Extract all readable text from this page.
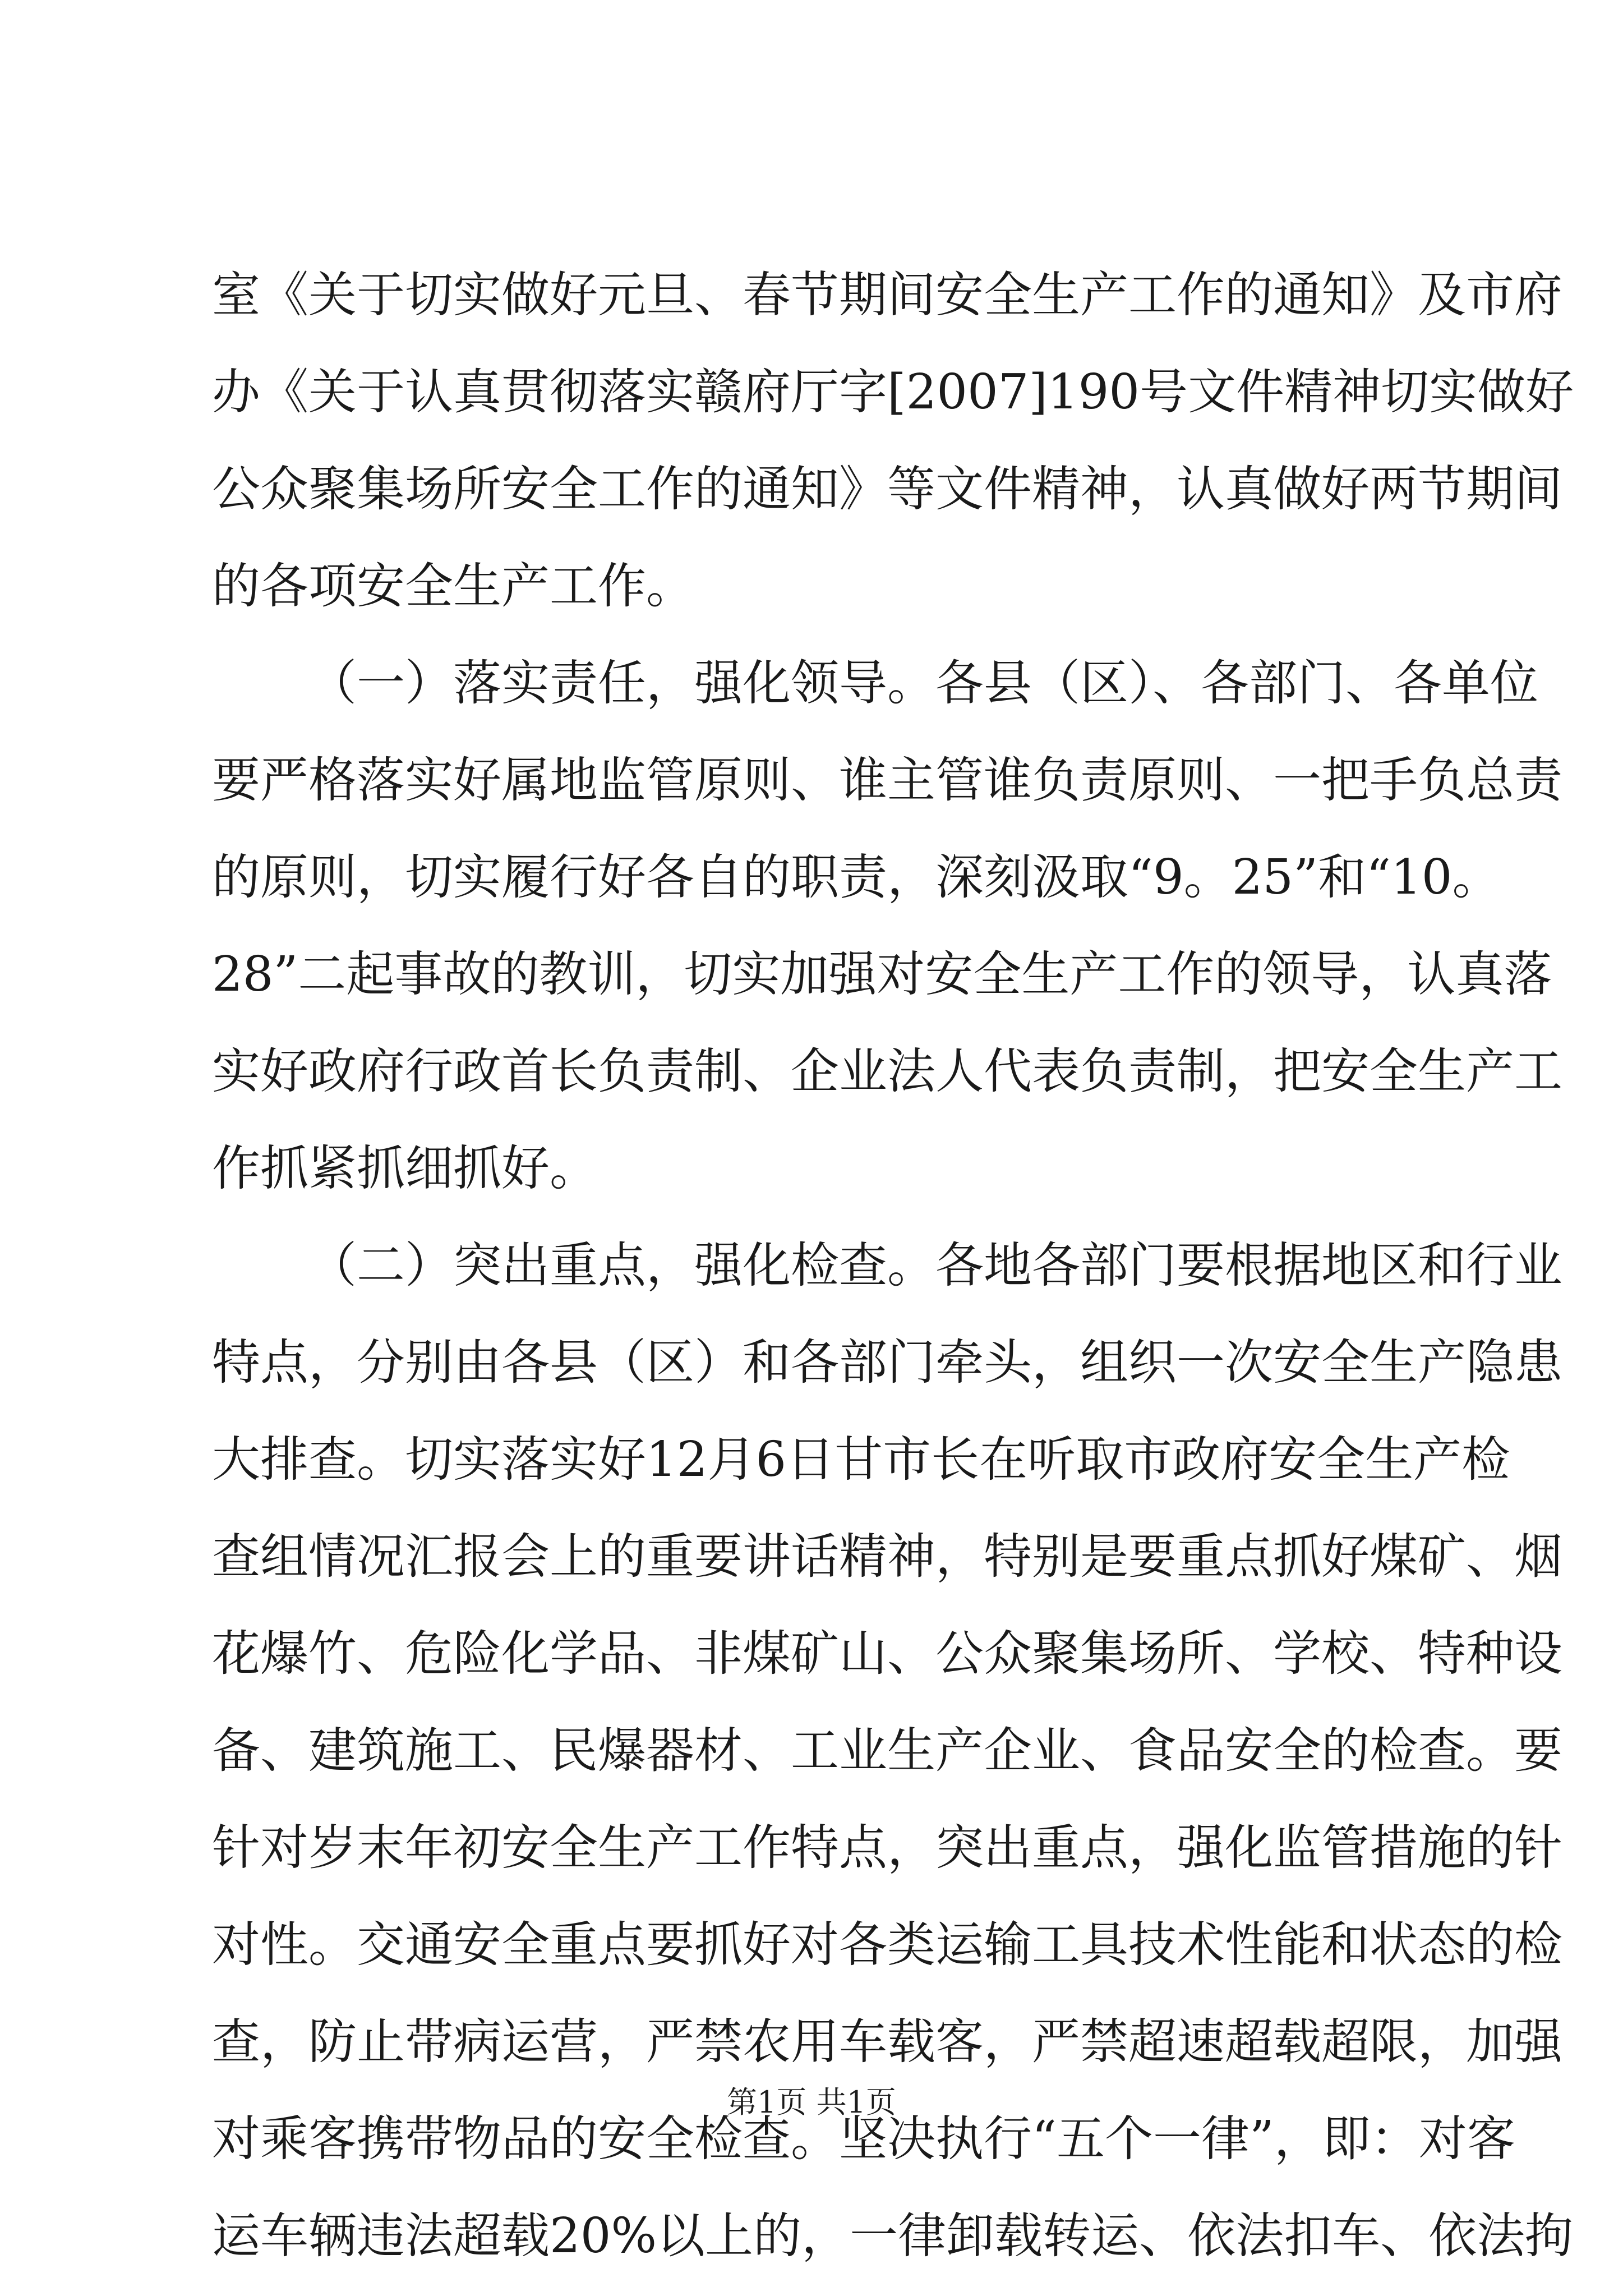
室《关于切实做好元旦、春节期间安全生产工作的通知》及市府
办《关于认真贯彻落实赣府厅字[2007]190号文件精神切实做好
公众聚集场所安全工作的通知》等文件精神，认真做好两节期间
的各项安全生产工作。
（一）落实责任，强化领导。各县（区）、各部门、各单位
要严格落实好属地监管原则、谁主管谁负责原则、一把手负总责
的原则，切实履行好各自的职责，深刻汲取“9。25”和“10。
28”二起事故的教训，切实加强对安全生产工作的领导，认真落
实好政府行政首长负责制、企业法人代表负责制，把安全生产工
作抓紧抓细抓好。
（二）突出重点，强化检查。各地各部门要根据地区和行业
特点，分别由各县（区）和各部门牵头，组织一次安全生产隐患
大排查。切实落实好12月6日甘市长在听取市政府安全生产检
查组情况汇报会上的重要讲话精神，特别是要重点抓好煤矿、烟
花爆竹、危险化学品、非煤矿山、公众聚集场所、学校、特种设
备、建筑施工、民爆器材、工业生产企业、食品安全的检查。要
针对岁末年初安全生产工作特点，突出重点，强化监管措施的针
对性。交通安全重点要抓好对各类运输工具技术性能和状态的检
查，防止带病运营，严禁农用车载客，严禁超速超载超限，加强
对乘客携带物品的安全检查。坚决执行“五个一律”，即：对客
运车辆违法超载20%以上的，一律卸载转运、依法扣车、依法拘
第1页 共1页
